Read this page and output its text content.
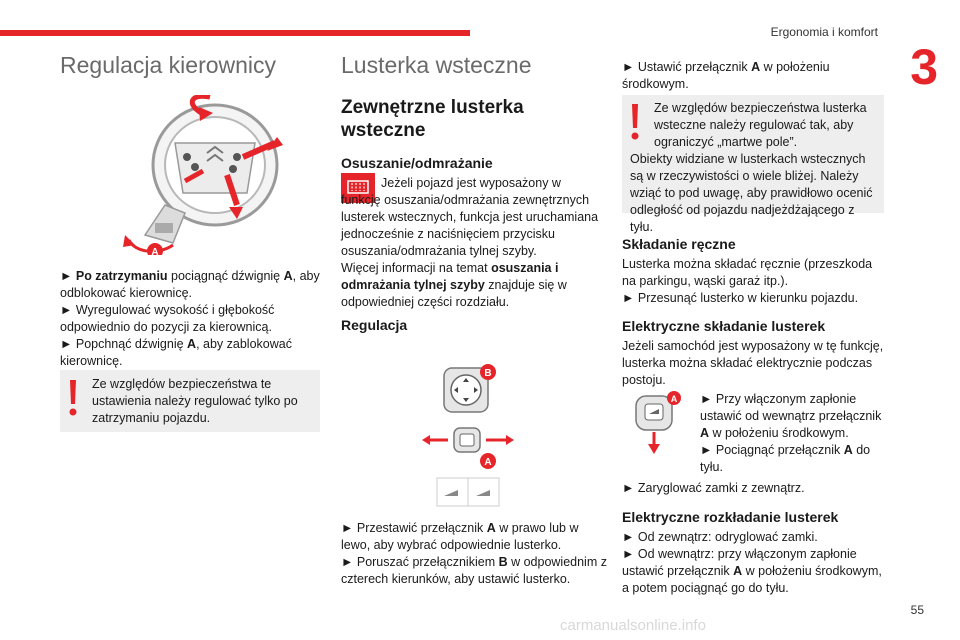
Ergonomia i komfort
3
Regulacja kierownicy
A

► Po zatrzymaniu pociągnąć dźwignię A, aby odblokować kierownicę.

► Wyregulować wysokość i głębokość odpowiednio do pozycji za kierownicą.

► Popchnąć dźwignię A, aby zablokować kierownicę.

Ze względów bezpieczeństwa te ustawienia należy regulować tylko po zatrzymaniu pojazdu.

Lusterka wsteczne
Zewnętrzne lusterka wsteczne
Osuszanie/odmrażanie

Jeżeli pojazd jest wyposażony w funkcję osuszania/odmrażania zewnętrznych lusterek wstecznych, funkcja jest uruchamiana jednocześnie z naciśnięciem przycisku osuszania/odmrażania tylnej szyby.

Więcej informacji na temat osuszania i odmrażania tylnej szyby znajduje się w odpowiedniej części rozdziału.

Regulacja
B
A

► Przestawić przełącznik A w prawo lub w lewo, aby wybrać odpowiednie lusterko.

► Poruszać przełącznikiem B w odpowiednim z czterech kierunków, aby ustawić lusterko.

► Ustawić przełącznik A w położeniu środkowym.

Ze względów bezpieczeństwa lusterka wsteczne należy regulować tak, aby ograniczyć „martwe pole”.

Obiekty widziane w lusterkach wstecznych są w rzeczywistości o wiele bliżej. Należy wziąć to pod uwagę, aby prawidłowo ocenić odległość od pojazdu nadjeżdżającego z tyłu.

Składanie ręczne

Lusterka można składać ręcznie (przeszkoda na parkingu, wąski garaż itp.).

► Przesunąć lusterko w kierunku pojazdu.

Elektryczne składanie lusterek
Jeżeli samochód jest wyposażony w tę funkcję, lusterka można składać elektrycznie podczas postoju.
A ► Przy włączonym zapłonie ustawić od wewnątrz przełącznik A w położeniu środkowym.

► Pociągnąć przełącznik A do tyłu.

► Zaryglować zamki z zewnątrz.
Elektryczne rozkładanie lusterek

► Od zewnątrz: odryglować zamki.

► Od wewnątrz: przy włączonym zapłonie ustawić przełącznik A w położeniu środkowym, a potem pociągnąć go do tyłu.

55
carmanualsonline.info
